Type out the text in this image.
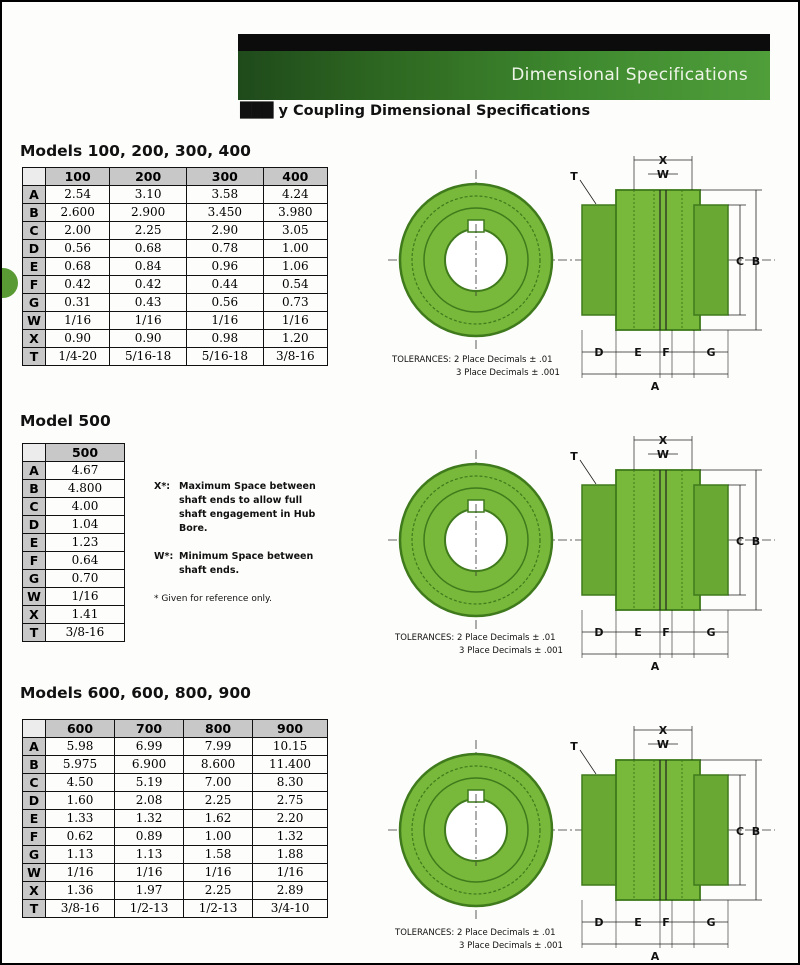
Dimensional Specifications
███ y Coupling Dimensional Specifications
Models 100, 200, 300, 400
	100	200	300	400
A	2.54	3.10	3.58	4.24
B	2.600	2.900	3.450	3.980
C	2.00	2.25	2.90	3.05
D	0.56	0.68	0.78	1.00
E	0.68	0.84	0.96	1.06
F	0.42	0.42	0.44	0.54
G	0.31	0.43	0.56	0.73
W	1/16	1/16	1/16	1/16
X	0.90	0.90	0.98	1.20
T	1/4-20	5/16-18	5/16-18	3/8-16
Model 500
	500
A	4.67
B	4.800
C	4.00
D	1.04
E	1.23
F	0.64
G	0.70
W	1/16
X	1.41
T	3/8-16

X*: Maximum Space between shaft ends to allow full shaft engagement in Hub Bore.

W*: Minimum Space between shaft ends.

* Given for reference only.

Models 600, 600, 800, 900
	600	700	800	900
A	5.98	6.99	7.99	10.15
B	5.975	6.900	8.600	11.400
C	4.50	5.19	7.00	8.30
D	1.60	2.08	2.25	2.75
E	1.33	1.32	1.62	2.20
F	0.62	0.89	1.00	1.32
G	1.13	1.13	1.58	1.88
W	1/16	1/16	1/16	1/16
X	1.36	1.97	2.25	2.89
T	3/8-16	1/2-13	1/2-13	3/4-10
X
W
T
C B
D	E F	G
A
TOLERANCES: 2 Place Decimals ± .01
3 Place Decimals ± .001
X
W
T
C B
D	E F	G
A
TOLERANCES: 2 Place Decimals ± .01
3 Place Decimals ± .001
X
W
T
C B
D	E F	G
A
TOLERANCES: 2 Place Decimals ± .01
3 Place Decimals ± .001
